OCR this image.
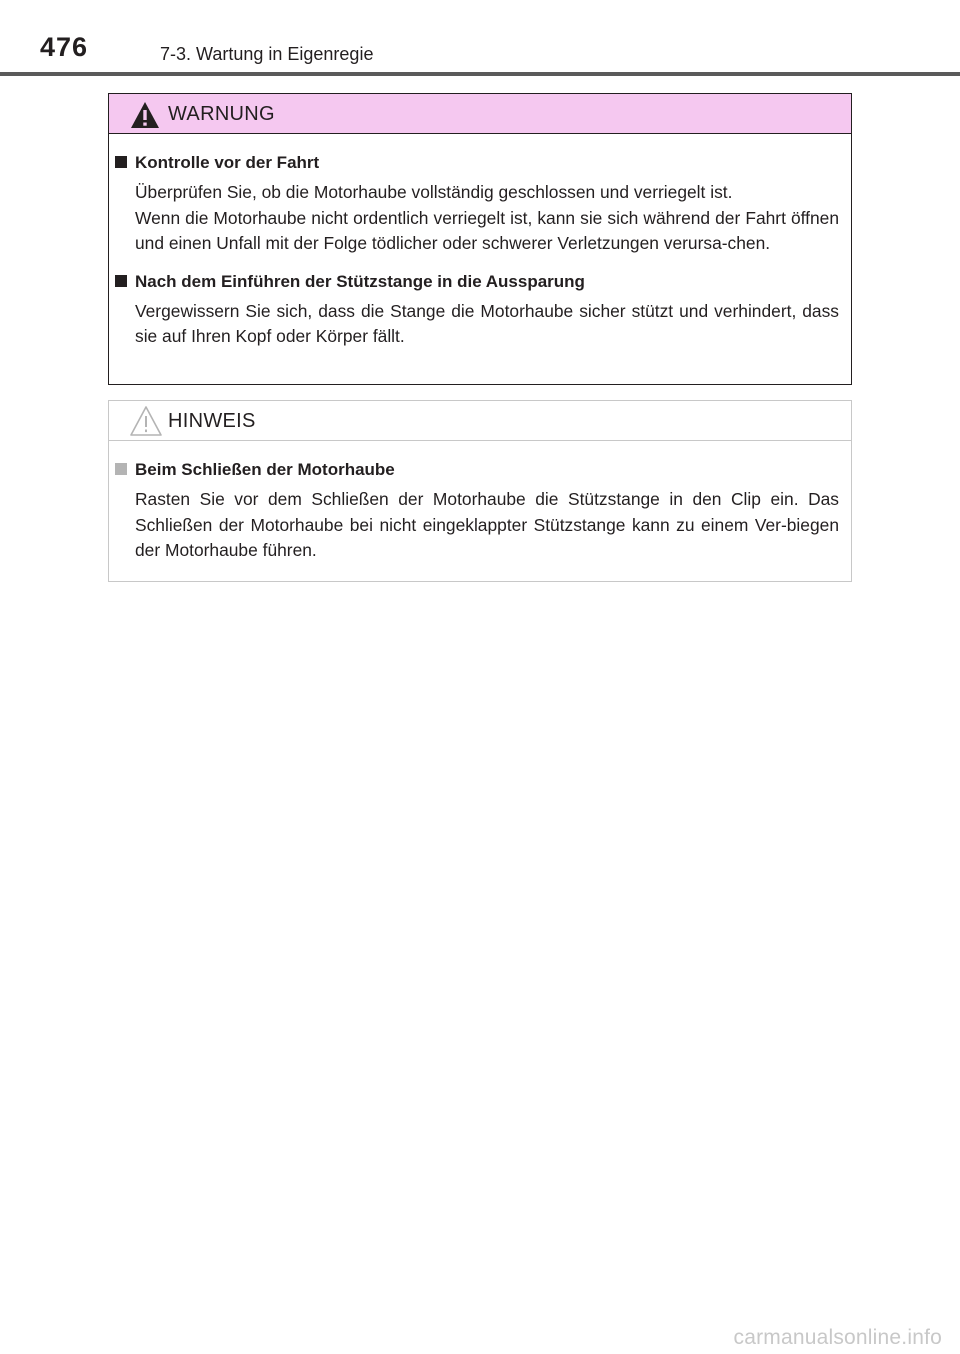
476	7-3. Wartung in Eigenregie
WARNUNG
Kontrolle vor der Fahrt

Überprüfen Sie, ob die Motorhaube vollständig geschlossen und verriegelt ist.

Wenn die Motorhaube nicht ordentlich verriegelt ist, kann sie sich während der Fahrt öffnen und einen Unfall mit der Folge tödlicher oder schwerer Verletzungen verursa-chen.

Nach dem Einführen der Stützstange in die Aussparung

Vergewissern Sie sich, dass die Stange die Motorhaube sicher stützt und verhindert, dass sie auf Ihren Kopf oder Körper fällt.

HINWEIS
Beim Schließen der Motorhaube

Rasten Sie vor dem Schließen der Motorhaube die Stützstange in den Clip ein. Das Schließen der Motorhaube bei nicht eingeklappter Stützstange kann zu einem Ver-biegen der Motorhaube führen.

carmanualsonline.info
